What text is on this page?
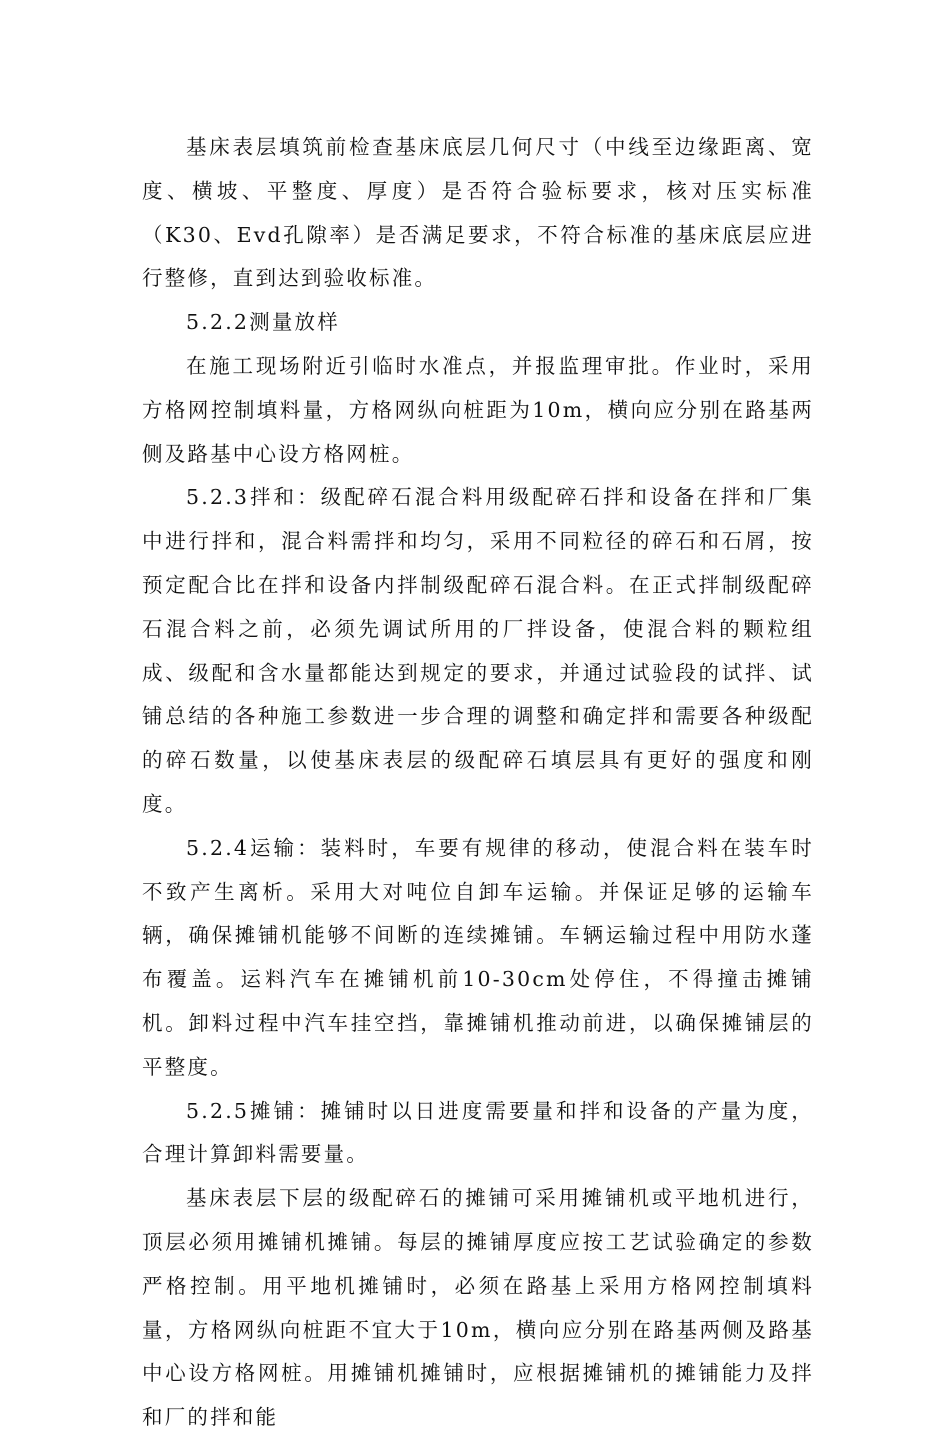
基床表层填筑前检查基床底层几何尺寸（中线至边缘距离、宽度、横坡、平整度、厚度）是否符合验标要求，核对压实标准（K30、Evd孔隙率）是否满足要求，不符合标准的基床底层应进行整修，直到达到验收标准。

5.2.2测量放样

在施工现场附近引临时水准点，并报监理审批。作业时，采用方格网控制填料量，方格网纵向桩距为10m，横向应分别在路基两侧及路基中心设方格网桩。

5.2.3拌和：级配碎石混合料用级配碎石拌和设备在拌和厂集中进行拌和，混合料需拌和均匀，采用不同粒径的碎石和石屑，按预定配合比在拌和设备内拌制级配碎石混合料。在正式拌制级配碎石混合料之前，必须先调试所用的厂拌设备，使混合料的颗粒组成、级配和含水量都能达到规定的要求，并通过试验段的试拌、试铺总结的各种施工参数进一步合理的调整和确定拌和需要各种级配的碎石数量，以使基床表层的级配碎石填层具有更好的强度和刚度。

5.2.4运输：装料时，车要有规律的移动，使混合料在装车时不致产生离析。采用大对吨位自卸车运输。并保证足够的运输车辆，确保摊铺机能够不间断的连续摊铺。车辆运输过程中用防水蓬布覆盖。运料汽车在摊铺机前10-30cm处停住，不得撞击摊铺机。卸料过程中汽车挂空挡，靠摊铺机推动前进，以确保摊铺层的平整度。

5.2.5摊铺：摊铺时以日进度需要量和拌和设备的产量为度，合理计算卸料需要量。

基床表层下层的级配碎石的摊铺可采用摊铺机或平地机进行，顶层必须用摊铺机摊铺。每层的摊铺厚度应按工艺试验确定的参数严格控制。用平地机摊铺时，必须在路基上采用方格网控制填料量，方格网纵向桩距不宜大于10m，横向应分别在路基两侧及路基中心设方格网桩。用摊铺机摊铺时，应根据摊铺机的摊铺能力及拌和厂的拌和能
